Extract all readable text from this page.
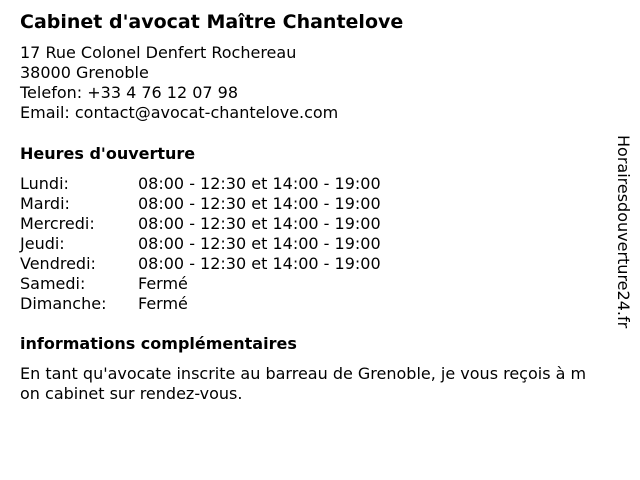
Cabinet d'avocat Maître Chantelove
17 Rue Colonel Denfert Rochereau
38000 Grenoble
Telefon: +33 4 76 12 07 98
Email: contact@avocat-chantelove.com
Heures d'ouverture
Lundi:	08:00 - 12:30 et 14:00 - 19:00
Mardi:	08:00 - 12:30 et 14:00 - 19:00
Mercredi:	08:00 - 12:30 et 14:00 - 19:00
Jeudi:	08:00 - 12:30 et 14:00 - 19:00
Vendredi:	08:00 - 12:30 et 14:00 - 19:00
Samedi:	Fermé
Dimanche: Fermé
informations complémentaires

En tant qu'avocate inscrite au barreau de Grenoble, je vous reçois à mon cabinet sur rendez-vous.

Horairesdouverture24.fr
